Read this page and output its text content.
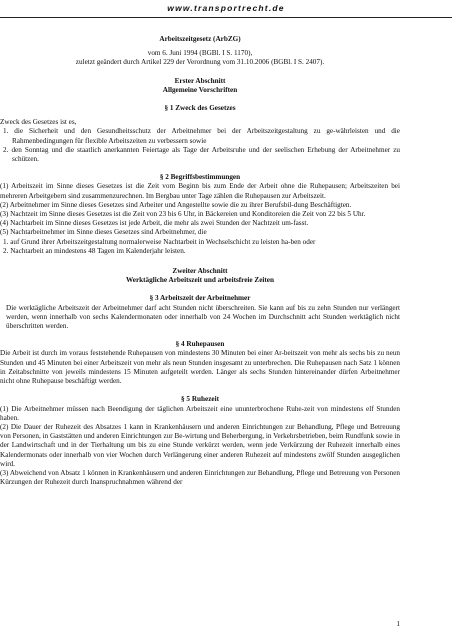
www.transportrecht.de
Arbeitszeitgesetz (ArbZG)
vom 6. Juni 1994 (BGBl. I S. 1170),
zuletzt geändert durch Artikel 229 der Verordnung vom 31.10.2006 (BGBl. I S. 2407).
Erster Abschnitt
Allgemeine Vorschriften
§ 1 Zweck des Gesetzes
Zweck des Gesetzes ist es,
1. die Sicherheit und den Gesundheitsschutz der Arbeitnehmer bei der Arbeitszeitgestaltung zu ge-währleisten und die Rahmenbedingungen für flexible Arbeitszeiten zu verbessern sowie
2. den Sonntag und die staatlich anerkannten Feiertage als Tage der Arbeitsruhe und der seelischen Erhebung der Arbeitnehmer zu schützen.
§ 2 Begriffsbestimmungen
(1) Arbeitszeit im Sinne dieses Gesetzes ist die Zeit vom Beginn bis zum Ende der Arbeit ohne die Ruhepausen; Arbeitszeiten bei mehreren Arbeitgebern sind zusammenzurechnen. Im Bergbau unter Tage zählen die Ruhepausen zur Arbeitszeit.
(2) Arbeitnehmer im Sinne dieses Gesetzes sind Arbeiter und Angestellte sowie die zu ihrer Berufsbil-dung Beschäftigten.
(3) Nachtzeit im Sinne dieses Gesetzes ist die Zeit von 23 bis 6 Uhr, in Bäckereien und Konditoreien die Zeit von 22 bis 5 Uhr.
(4) Nachtarbeit im Sinne dieses Gesetzes ist jede Arbeit, die mehr als zwei Stunden der Nachtzeit um-fasst.
(5) Nachtarbeitnehmer im Sinne dieses Gesetzes sind Arbeitnehmer, die
1. auf Grund ihrer Arbeitszeitgestaltung normalerweise Nachtarbeit in Wechselschicht zu leisten ha-ben oder
2. Nachtarbeit an mindestens 48 Tagen im Kalenderjahr leisten.
Zweiter Abschnitt
Werktägliche Arbeitszeit und arbeitsfreie Zeiten
§ 3 Arbeitszeit der Arbeitnehmer
Die werktägliche Arbeitszeit der Arbeitnehmer darf acht Stunden nicht überschreiten. Sie kann auf bis zu zehn Stunden nur verlängert werden, wenn innerhalb von sechs Kalendermonaten oder innerhalb von 24 Wochen im Durchschnitt acht Stunden werktäglich nicht überschritten werden.
§ 4 Ruhepausen
Die Arbeit ist durch im voraus feststehende Ruhepausen von mindestens 30 Minuten bei einer Ar-beitszeit von mehr als sechs bis zu neun Stunden und 45 Minuten bei einer Arbeitszeit von mehr als neun Stunden insgesamt zu unterbrechen. Die Ruhepausen nach Satz 1 können in Zeitabschnitte von jeweils mindestens 15 Minuten aufgeteilt werden. Länger als sechs Stunden hintereinander dürfen Arbeitnehmer nicht ohne Ruhepause beschäftigt werden.
§ 5 Ruhezeit
(1) Die Arbeitnehmer müssen nach Beendigung der täglichen Arbeitszeit eine ununterbrochene Ruhe-zeit von mindestens elf Stunden haben.
(2) Die Dauer der Ruhezeit des Absatzes 1 kann in Krankenhäusern und anderen Einrichtungen zur Behandlung, Pflege und Betreuung von Personen, in Gaststätten und anderen Einrichtungen zur Be-wirtung und Beherbergung, in Verkehrsbetrieben, beim Rundfunk sowie in der Landwirtschaft und in der Tierhaltung um bis zu eine Stunde verkürzt werden, wenn jede Verkürzung der Ruhezeit innerhalb eines Kalendermonats oder innerhalb von vier Wochen durch Verlängerung einer anderen Ruhezeit auf mindestens zwölf Stunden ausgeglichen wird.
(3) Abweichend von Absatz 1 können in Krankenhäusern und anderen Einrichtungen zur Behandlung, Pflege und Betreuung von Personen Kürzungen der Ruhezeit durch Inanspruchnahmen während der
1
